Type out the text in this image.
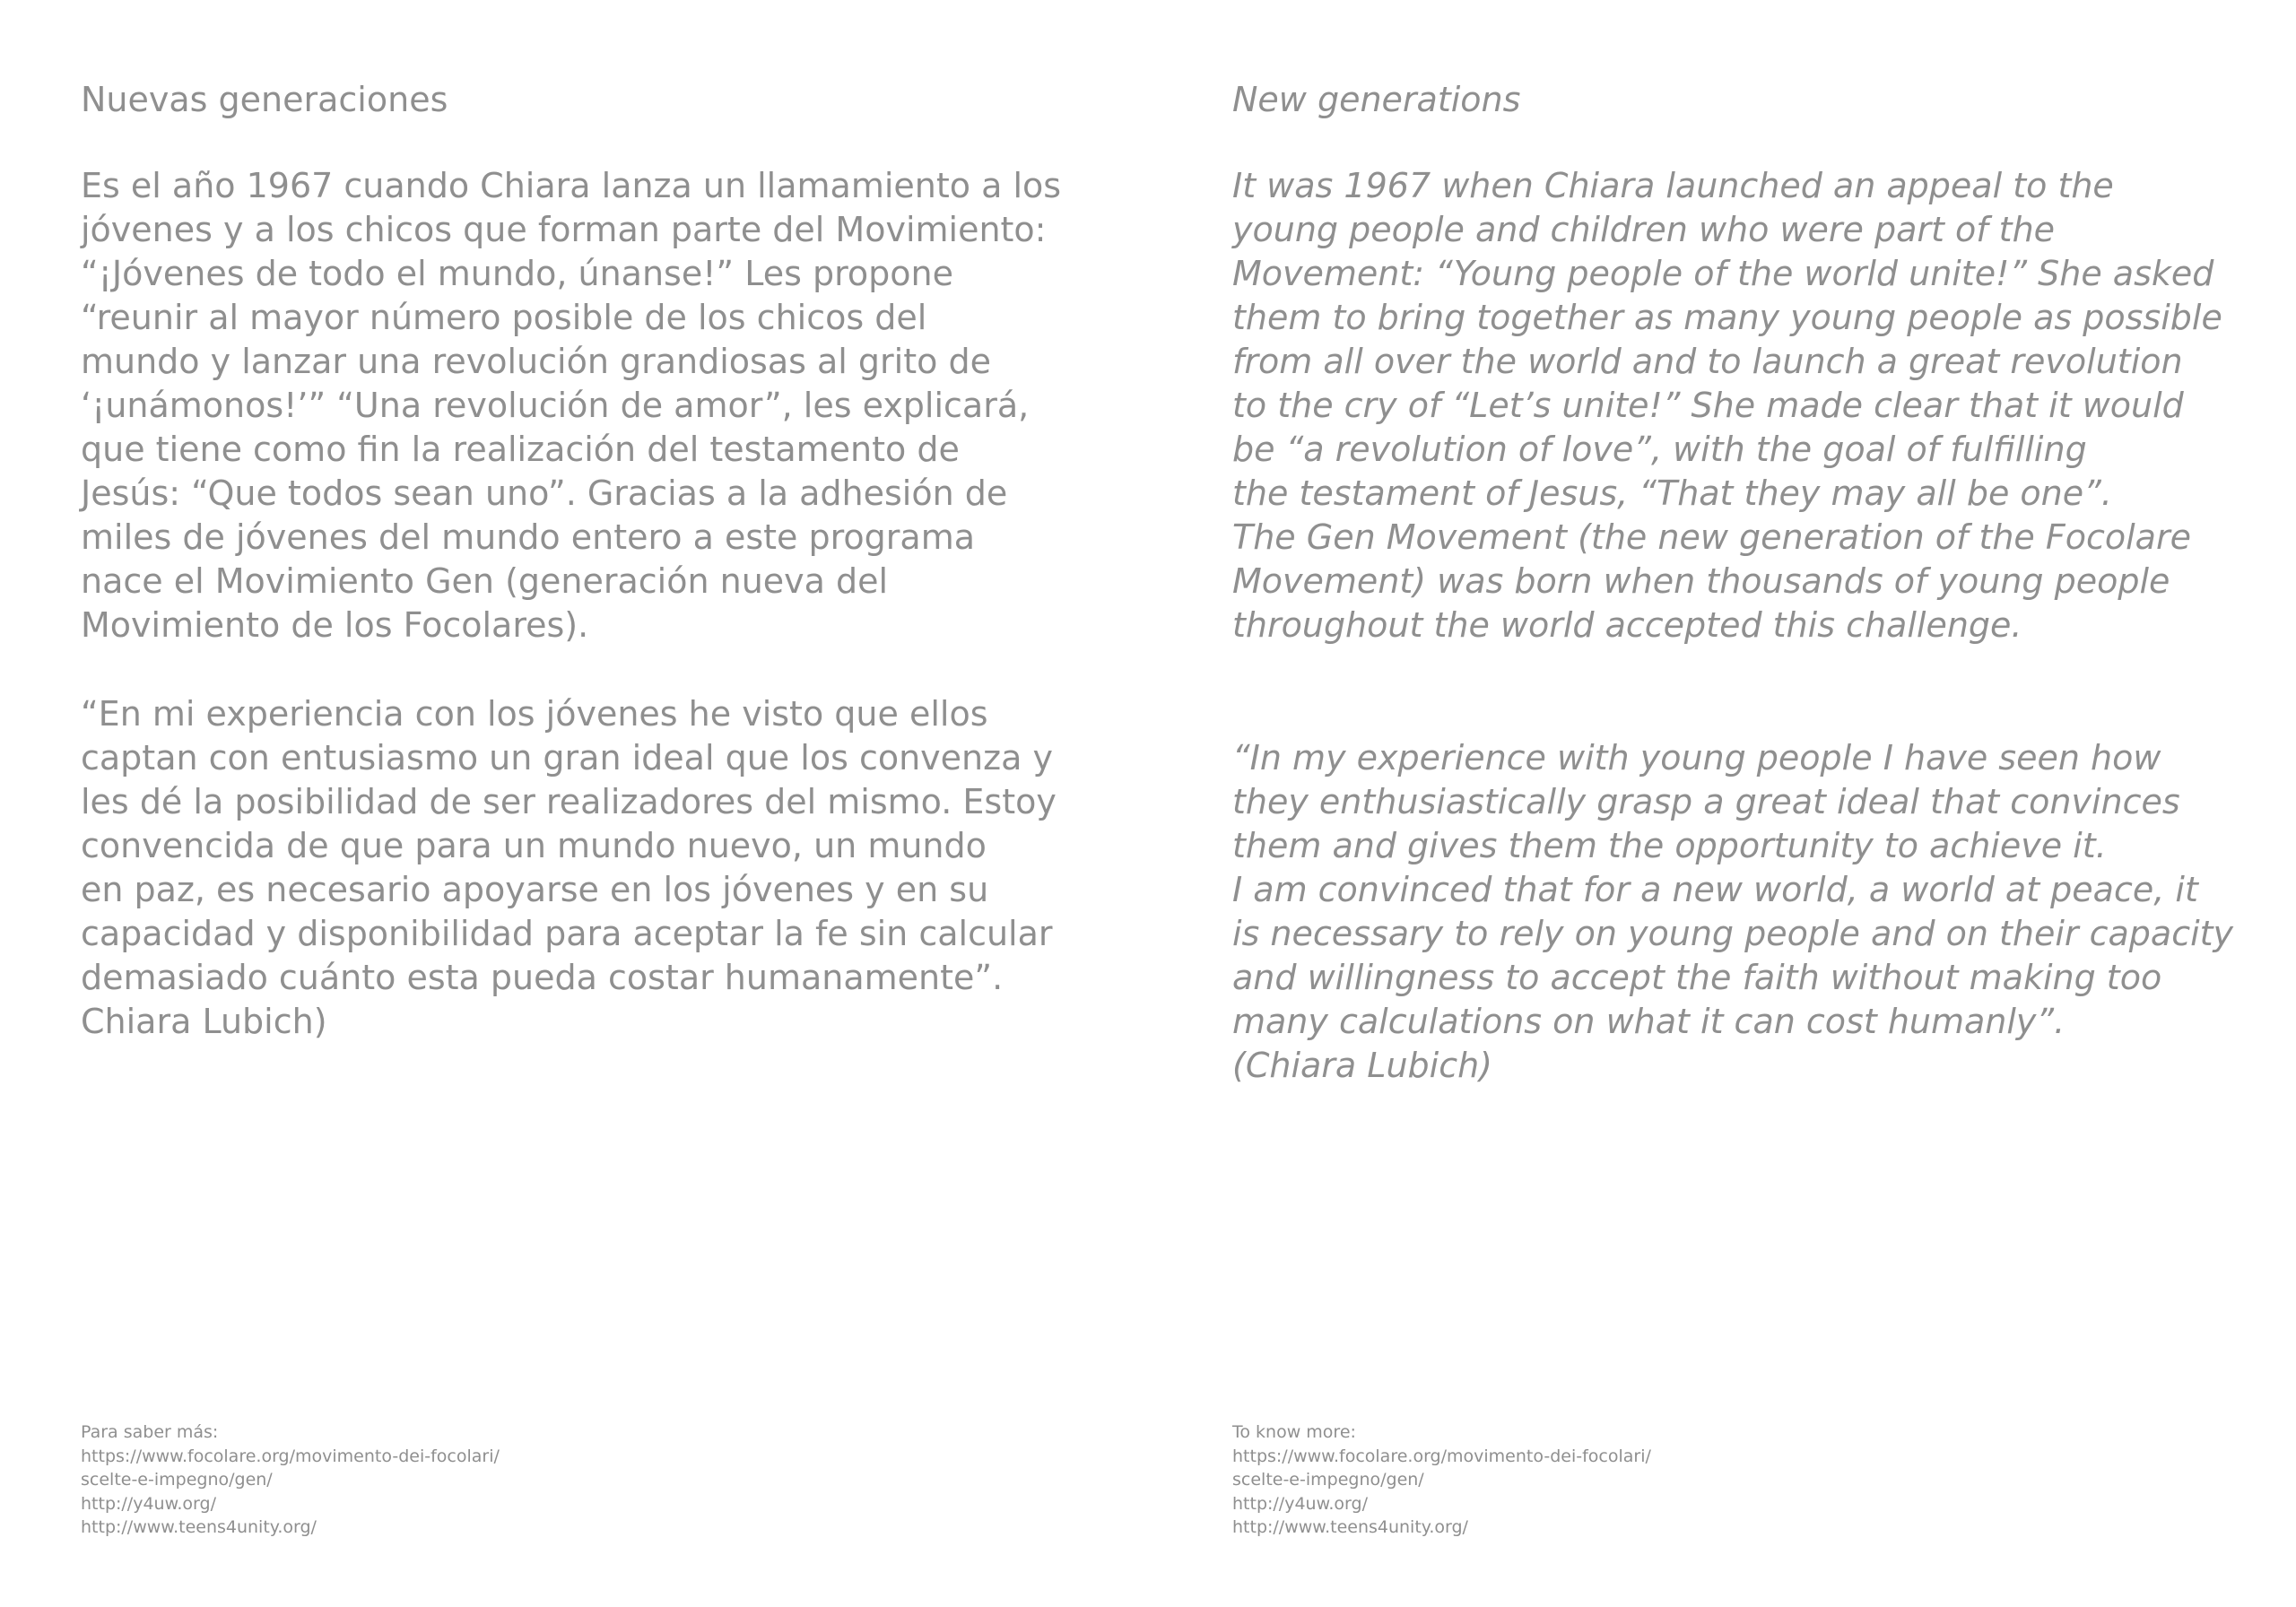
Nuevas generaciones

Es el año 1967 cuando Chiara lanza un llamamiento a los
jóvenes y a los chicos que forman parte del Movimiento:
“¡Jóvenes de todo el mundo, únanse!” Les propone
“reunir al mayor número posible de los chicos del
mundo y lanzar una revolución grandiosas al grito de
‘¡unámonos!’” “Una revolución de amor”, les explicará,
que tiene como fin la realización del testamento de
Jesús: “Que todos sean uno”. Gracias a la adhesión de
miles de jóvenes del mundo entero a este programa
nace el Movimiento Gen (generación nueva del
Movimiento de los Focolares).

“En mi experiencia con los jóvenes he visto que ellos
captan con entusiasmo un gran ideal que los convenza y
les dé la posibilidad de ser realizadores del mismo. Estoy
convencida de que para un mundo nuevo, un mundo
en paz, es necesario apoyarse en los jóvenes y en su
capacidad y disponibilidad para aceptar la fe sin calcular
demasiado cuánto esta pueda costar humanamente”.
Chiara Lubich)

New generations

It was 1967 when Chiara launched an appeal to the
young people and children who were part of the
Movement: “Young people of the world unite!” She asked
them to bring together as many young people as possible
from all over the world and to launch a great revolution
to the cry of “Let’s unite!” She made clear that it would
be “a revolution of love”, with the goal of fulfilling
the testament of Jesus, “That they may all be one”.
The Gen Movement (the new generation of the Focolare
Movement) was born when thousands of young people
throughout the world accepted this challenge.

“In my experience with young people I have seen how
they enthusiastically grasp a great ideal that convinces
them and gives them the opportunity to achieve it.
I am convinced that for a new world, a world at peace, it
is necessary to rely on young people and on their capacity
and willingness to accept the faith without making too
many calculations on what it can cost humanly”.
(Chiara Lubich)

Para saber más:
https://www.focolare.org/movimento-dei-focolari/
scelte-e-impegno/gen/
http://y4uw.org/
http://www.teens4unity.org/
To know more:
https://www.focolare.org/movimento-dei-focolari/
scelte-e-impegno/gen/
http://y4uw.org/
http://www.teens4unity.org/
